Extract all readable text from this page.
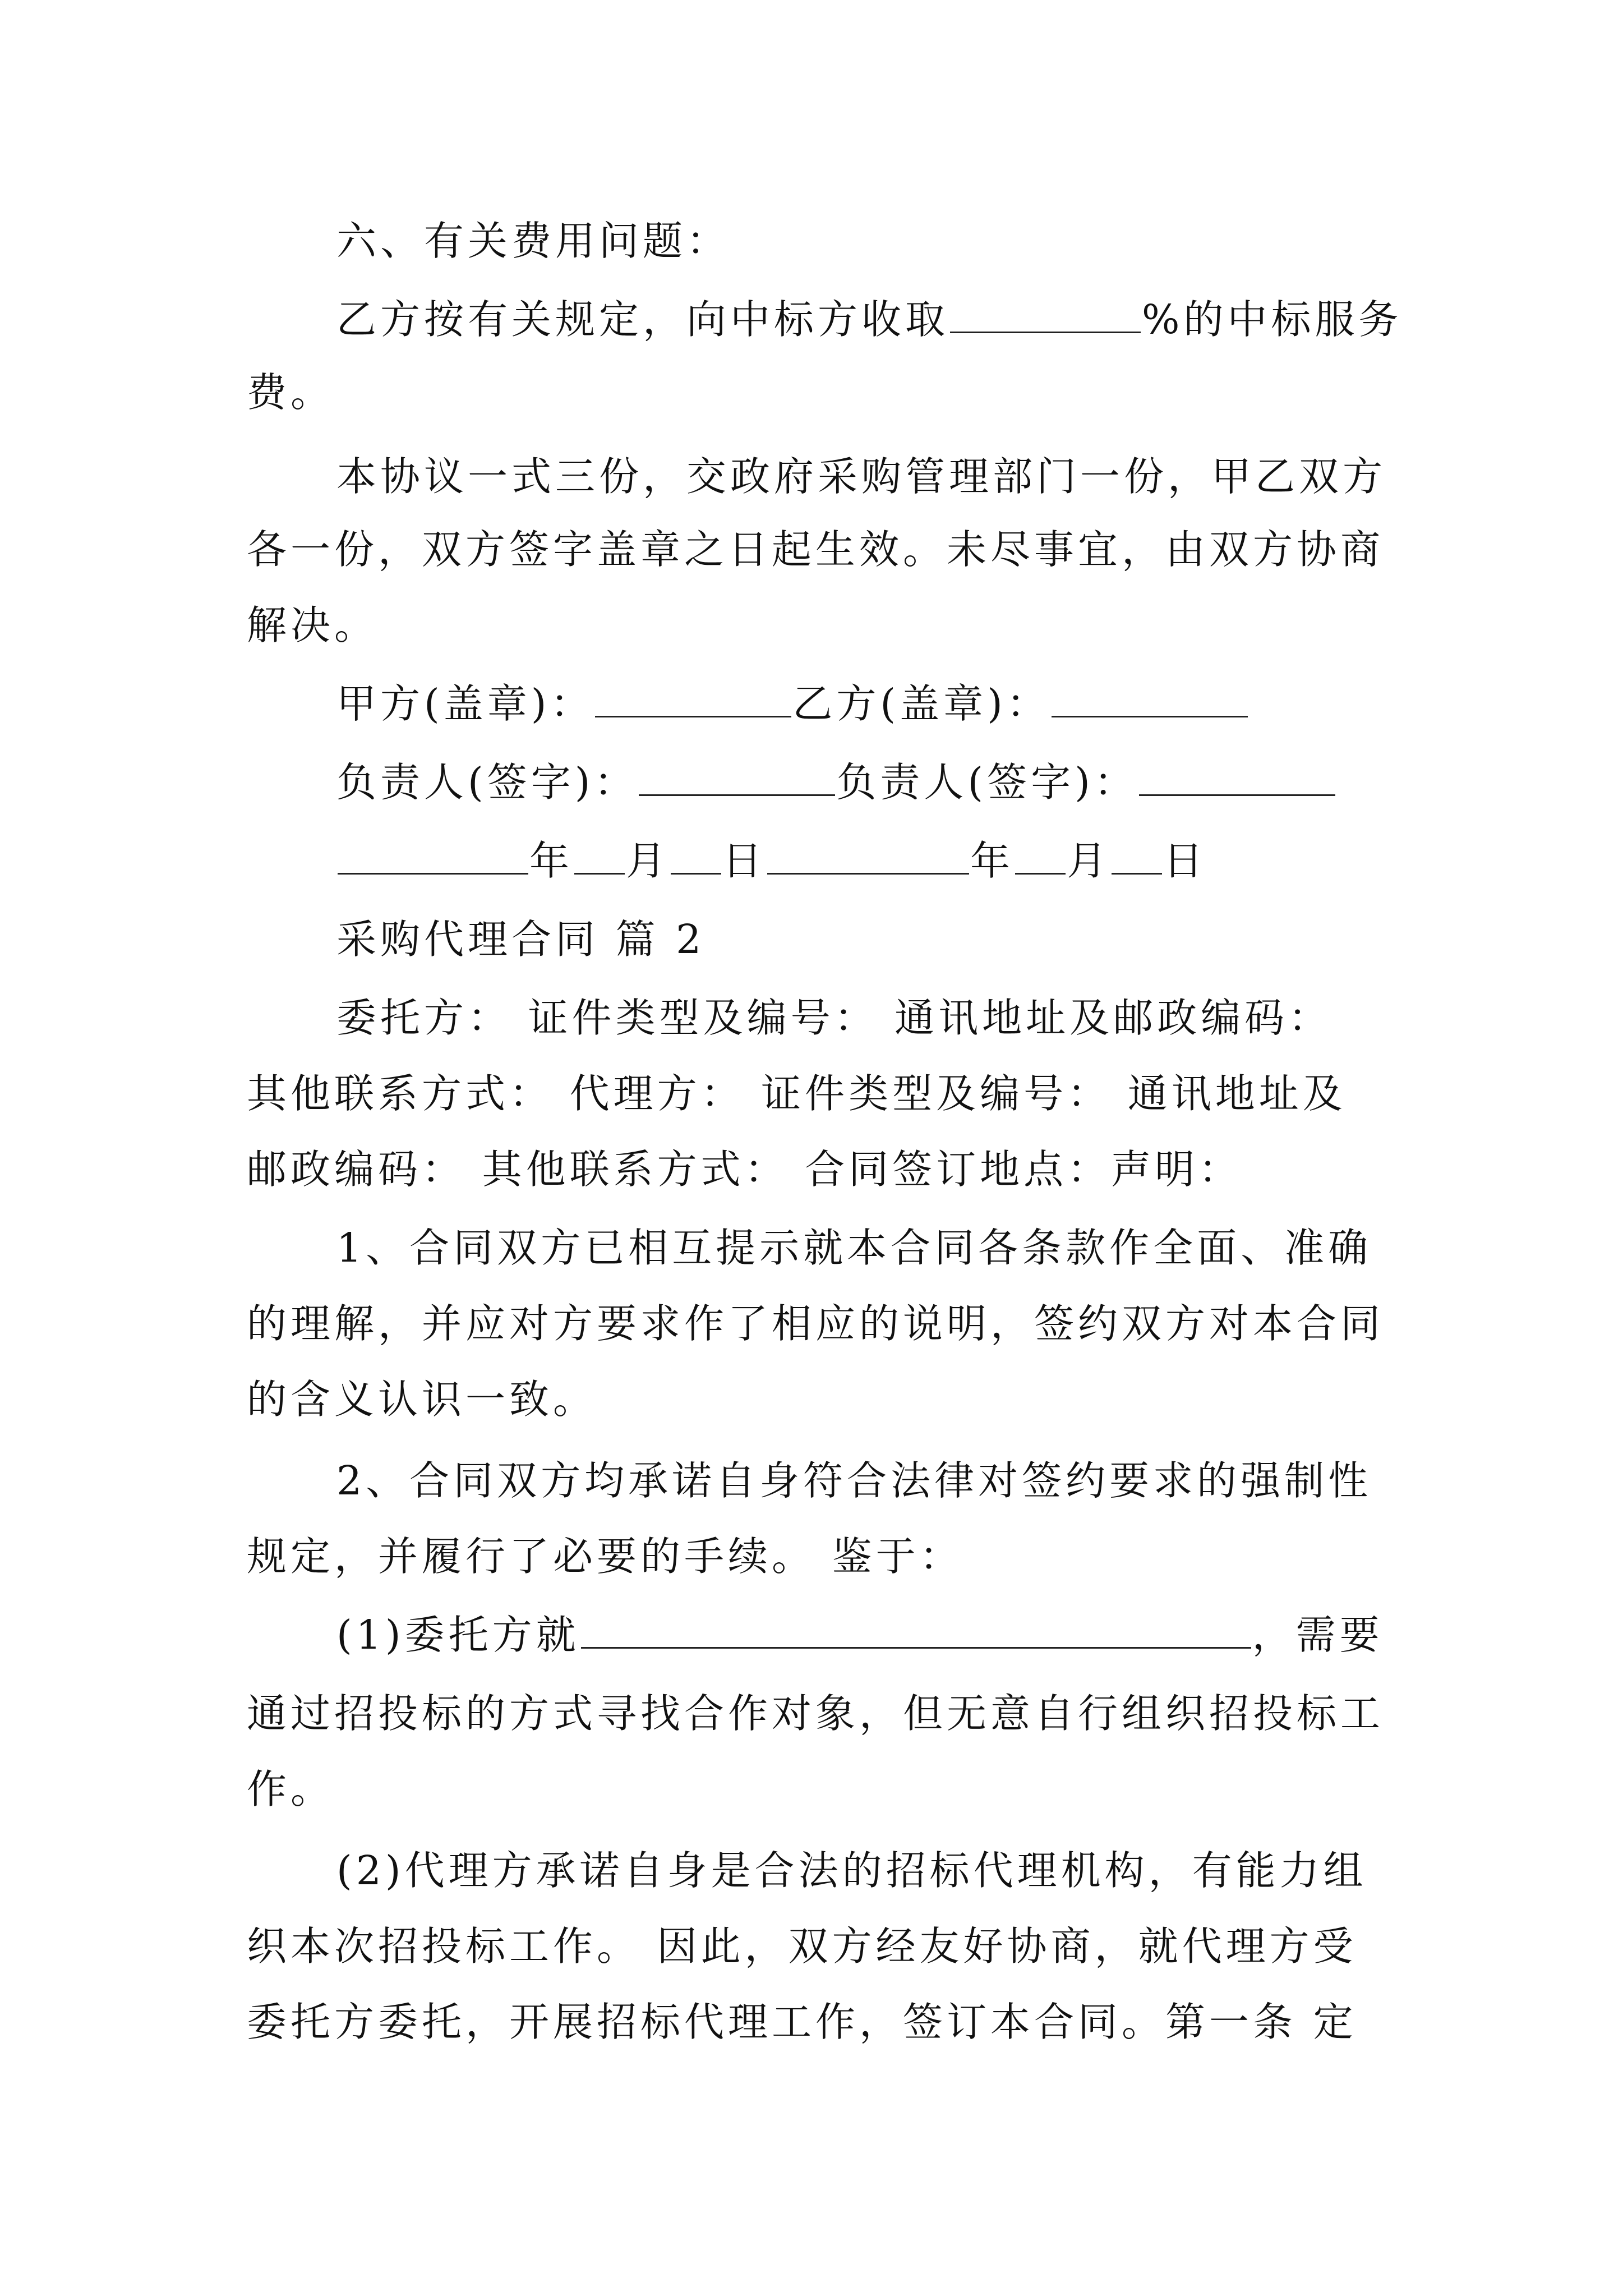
六、有关费用问题：

乙方按有关规定，向中标方收取	%的中标服务

费。

本协议一式三份，交政府采购管理部门一份，甲乙双方

各一份，双方签字盖章之日起生效。未尽事宜，由双方协商

解决。

甲方(盖章)：	乙方(盖章)：

负责人(签字)：	负责人(签字)：

年 月 日	年 月 日

采购代理合同 篇 2

委托方： 证件类型及编号： 通讯地址及邮政编码：

其他联系方式： 代理方： 证件类型及编号： 通讯地址及

邮政编码： 其他联系方式： 合同签订地点：声明：

1、合同双方已相互提示就本合同各条款作全面、准确

的理解，并应对方要求作了相应的说明，签约双方对本合同

的含义认识一致。

2、合同双方均承诺自身符合法律对签约要求的强制性

规定，并履行了必要的手续。 鉴于：

(1)委托方就	，需要

通过招投标的方式寻找合作对象，但无意自行组织招投标工

作。

(2)代理方承诺自身是合法的招标代理机构，有能力组

织本次招投标工作。 因此，双方经友好协商，就代理方受

委托方委托，开展招标代理工作，签订本合同。第一条 定
